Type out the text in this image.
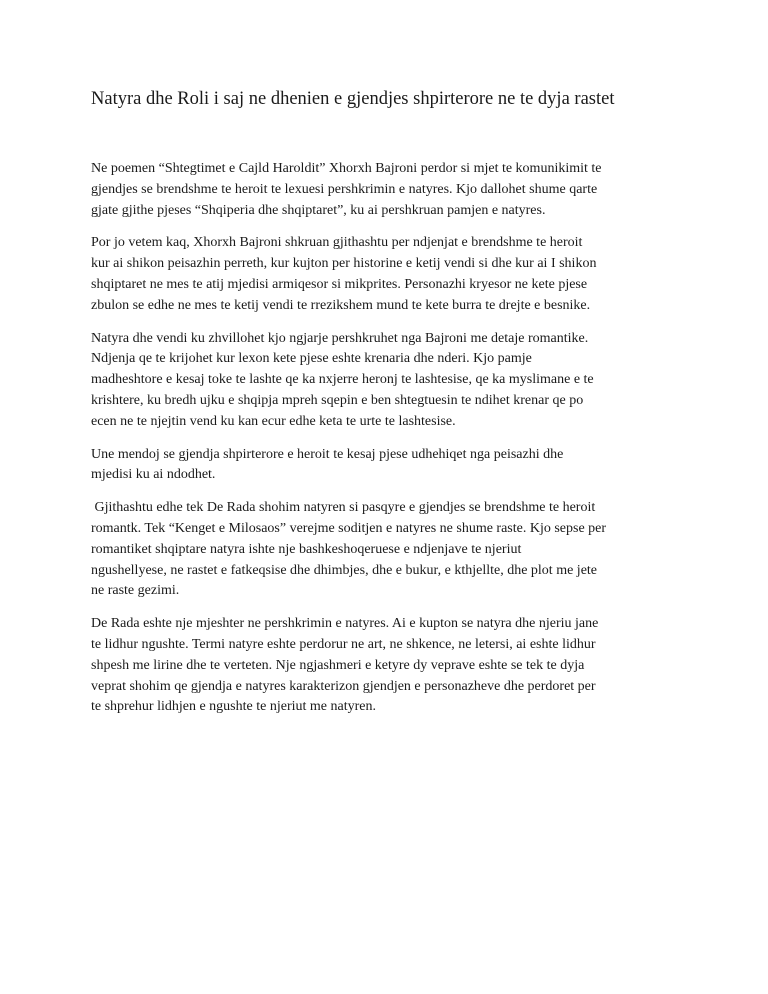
Natyra dhe Roli i saj ne dhenien e gjendjes shpirterore ne te dyja rastet

Ne poemen “Shtegtimet e Cajld Haroldit” Xhorxh Bajroni perdor si mjet te komunikimit te
gjendjes se brendshme te heroit te lexuesi pershkrimin e natyres. Kjo dallohet shume qarte
gjate gjithe pjeses “Shqiperia dhe shqiptaret”, ku ai pershkruan pamjen e natyres.

Por jo vetem kaq, Xhorxh Bajroni shkruan gjithashtu per ndjenjat e brendshme te heroit
kur ai shikon peisazhin perreth, kur kujton per historine e ketij vendi si dhe kur ai I shikon
shqiptaret ne mes te atij mjedisi armiqesor si mikprites. Personazhi kryesor ne kete pjese
zbulon se edhe ne mes te ketij vendi te rrezikshem mund te kete burra te drejte e besnike.

Natyra dhe vendi ku zhvillohet kjo ngjarje pershkruhet nga Bajroni me detaje romantike.
Ndjenja qe te krijohet kur lexon kete pjese eshte krenaria dhe nderi. Kjo pamje
madheshtore e kesaj toke te lashte qe ka nxjerre heronj te lashtesise, qe ka myslimane e te
krishtere, ku bredh ujku e shqipja mpreh sqepin e ben shtegtuesin te ndihet krenar qe po
ecen ne te njejtin vend ku kan ecur edhe keta te urte te lashtesise.

Une mendoj se gjendja shpirterore e heroit te kesaj pjese udhehiqet nga peisazhi dhe
mjedisi ku ai ndodhet.

Gjithashtu edhe tek De Rada shohim natyren si pasqyre e gjendjes se brendshme te heroit
romantk. Tek “Kenget e Milosaos” verejme soditjen e natyres ne shume raste. Kjo sepse per
romantiket shqiptare natyra ishte nje bashkeshoqeruese e ndjenjave te njeriut
ngushellyese, ne rastet e fatkeqsise dhe dhimbjes, dhe e bukur, e kthjellte, dhe plot me jete
ne raste gezimi.

De Rada eshte nje mjeshter ne pershkrimin e natyres. Ai e kupton se natyra dhe njeriu jane
te lidhur ngushte. Termi natyre eshte perdorur ne art, ne shkence, ne letersi, ai eshte lidhur
shpesh me lirine dhe te verteten. Nje ngjashmeri e ketyre dy veprave eshte se tek te dyja
veprat shohim qe gjendja e natyres karakterizon gjendjen e personazheve dhe perdoret per
te shprehur lidhjen e ngushte te njeriut me natyren.
